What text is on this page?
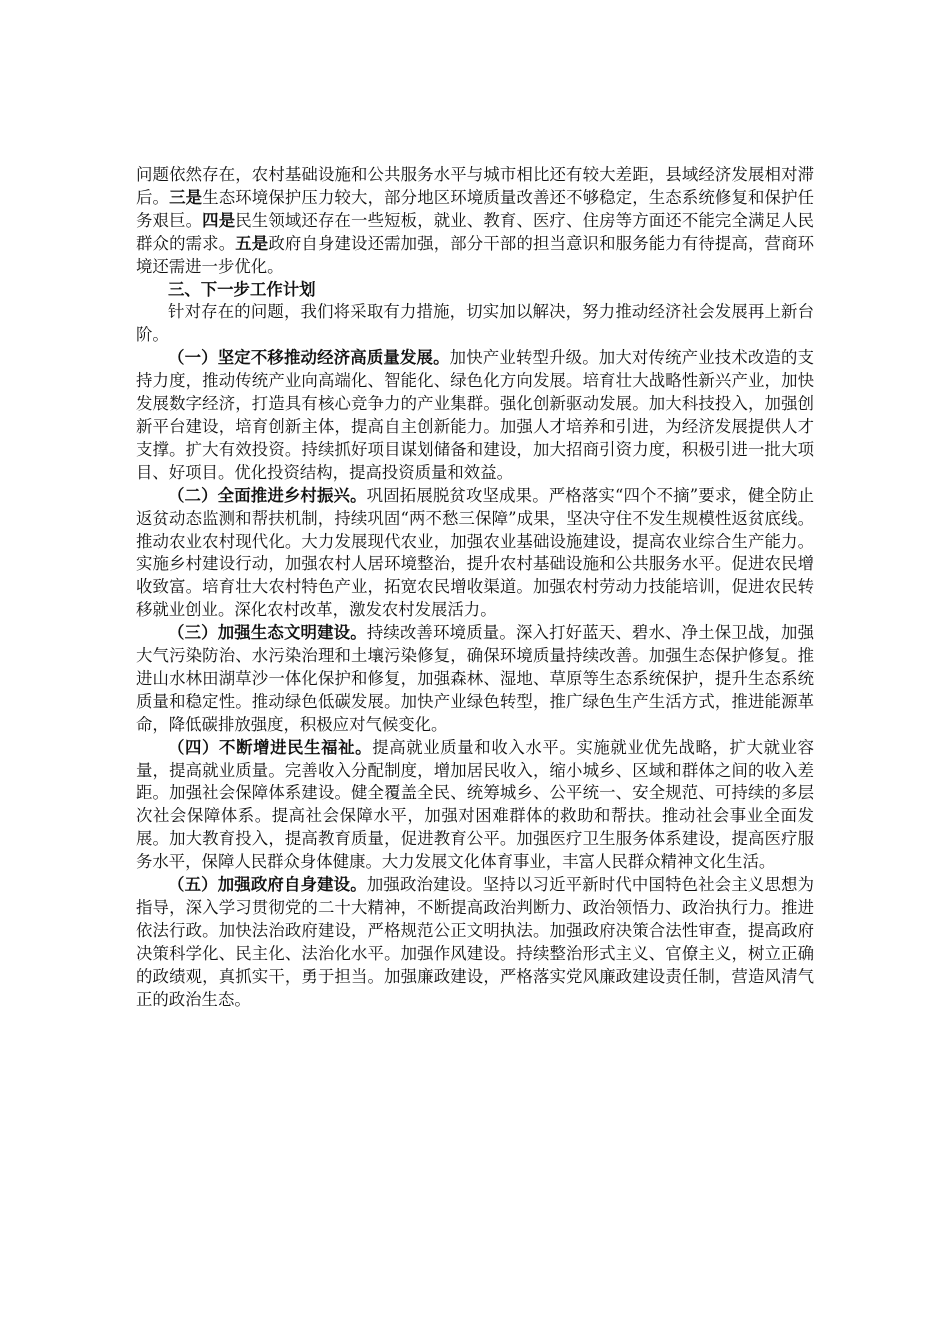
问题依然存在，农村基础设施和公共服务水平与城市相比还有较大差距，县域经济发展相对滞后。三是生态环境保护压力较大，部分地区环境质量改善还不够稳定，生态系统修复和保护任务艰巨。四是民生领域还存在一些短板，就业、教育、医疗、住房等方面还不能完全满足人民群众的需求。五是政府自身建设还需加强，部分干部的担当意识和服务能力有待提高，营商环境还需进一步优化。

三、下一步工作计划

针对存在的问题，我们将采取有力措施，切实加以解决，努力推动经济社会发展再上新台阶。

（一）坚定不移推动经济高质量发展。加快产业转型升级。加大对传统产业技术改造的支持力度，推动传统产业向高端化、智能化、绿色化方向发展。培育壮大战略性新兴产业，加快发展数字经济，打造具有核心竞争力的产业集群。强化创新驱动发展。加大科技投入，加强创新平台建设，培育创新主体，提高自主创新能力。加强人才培养和引进，为经济发展提供人才支撑。扩大有效投资。持续抓好项目谋划储备和建设，加大招商引资力度，积极引进一批大项目、好项目。优化投资结构，提高投资质量和效益。

（二）全面推进乡村振兴。巩固拓展脱贫攻坚成果。严格落实“四个不摘”要求，健全防止返贫动态监测和帮扶机制，持续巩固“两不愁三保障”成果，坚决守住不发生规模性返贫底线。推动农业农村现代化。大力发展现代农业，加强农业基础设施建设，提高农业综合生产能力。实施乡村建设行动，加强农村人居环境整治，提升农村基础设施和公共服务水平。促进农民增收致富。培育壮大农村特色产业，拓宽农民增收渠道。加强农村劳动力技能培训，促进农民转移就业创业。深化农村改革，激发农村发展活力。

（三）加强生态文明建设。持续改善环境质量。深入打好蓝天、碧水、净土保卫战，加强大气污染防治、水污染治理和土壤污染修复，确保环境质量持续改善。加强生态保护修复。推进山水林田湖草沙一体化保护和修复，加强森林、湿地、草原等生态系统保护，提升生态系统质量和稳定性。推动绿色低碳发展。加快产业绿色转型，推广绿色生产生活方式，推进能源革命，降低碳排放强度，积极应对气候变化。

（四）不断增进民生福祉。提高就业质量和收入水平。实施就业优先战略，扩大就业容量，提高就业质量。完善收入分配制度，增加居民收入，缩小城乡、区域和群体之间的收入差距。加强社会保障体系建设。健全覆盖全民、统筹城乡、公平统一、安全规范、可持续的多层次社会保障体系。提高社会保障水平，加强对困难群体的救助和帮扶。推动社会事业全面发展。加大教育投入，提高教育质量，促进教育公平。加强医疗卫生服务体系建设，提高医疗服务水平，保障人民群众身体健康。大力发展文化体育事业，丰富人民群众精神文化生活。

（五）加强政府自身建设。加强政治建设。坚持以习近平新时代中国特色社会主义思想为指导，深入学习贯彻党的二十大精神，不断提高政治判断力、政治领悟力、政治执行力。推进依法行政。加快法治政府建设，严格规范公正文明执法。加强政府决策合法性审查，提高政府决策科学化、民主化、法治化水平。加强作风建设。持续整治形式主义、官僚主义，树立正确的政绩观，真抓实干，勇于担当。加强廉政建设，严格落实党风廉政建设责任制，营造风清气正的政治生态。
